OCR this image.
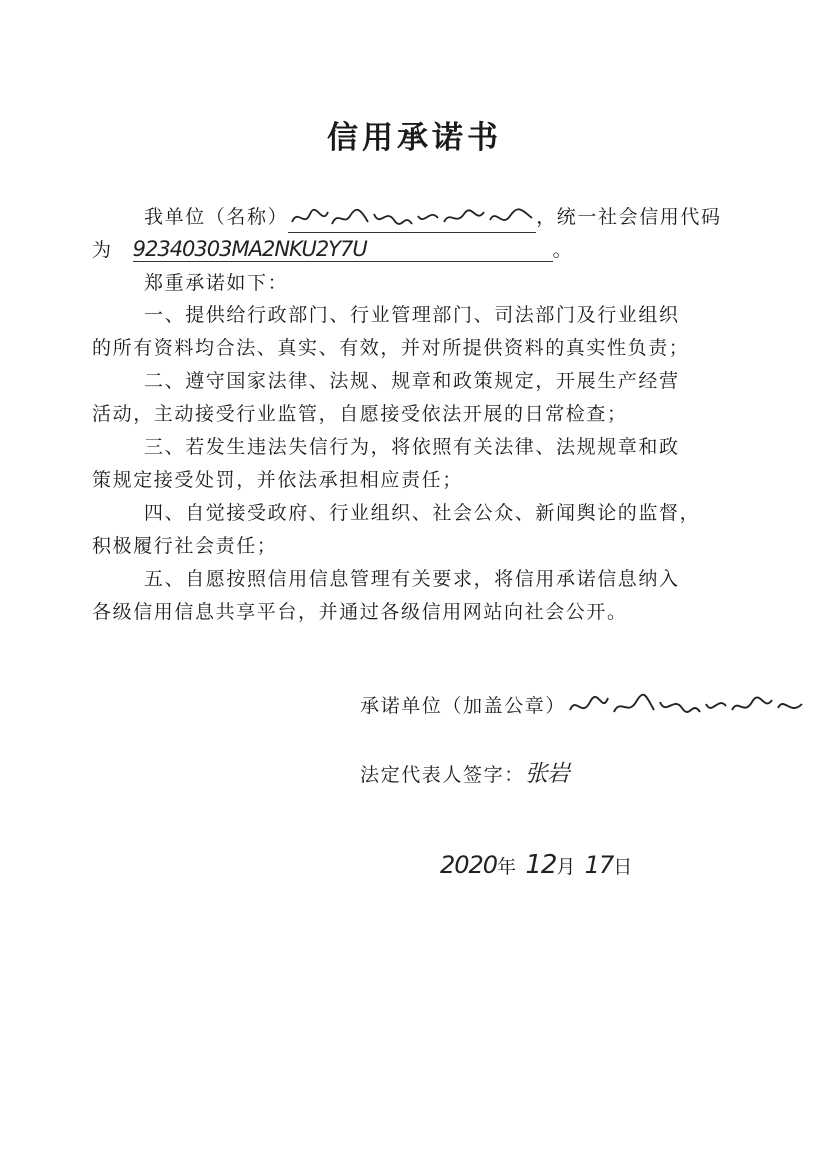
信用承诺书
我单位（名称）	，统一社会信用代码
为 92340303MA2NKU2Y7U	。
郑重承诺如下：
一、提供给行政部门、行业管理部门、司法部门及行业组织
的所有资料均合法、真实、有效，并对所提供资料的真实性负责；
二、遵守国家法律、法规、规章和政策规定，开展生产经营
活动，主动接受行业监管，自愿接受依法开展的日常检查；
三、若发生违法失信行为，将依照有关法律、法规规章和政
策规定接受处罚，并依法承担相应责任；
四、自觉接受政府、行业组织、社会公众、新闻舆论的监督，
积极履行社会责任；
五、自愿按照信用信息管理有关要求，将信用承诺信息纳入
各级信用信息共享平台，并通过各级信用网站向社会公开。
承诺单位（加盖公章）
法定代表人签字：张岩
2020年 12月 17日
